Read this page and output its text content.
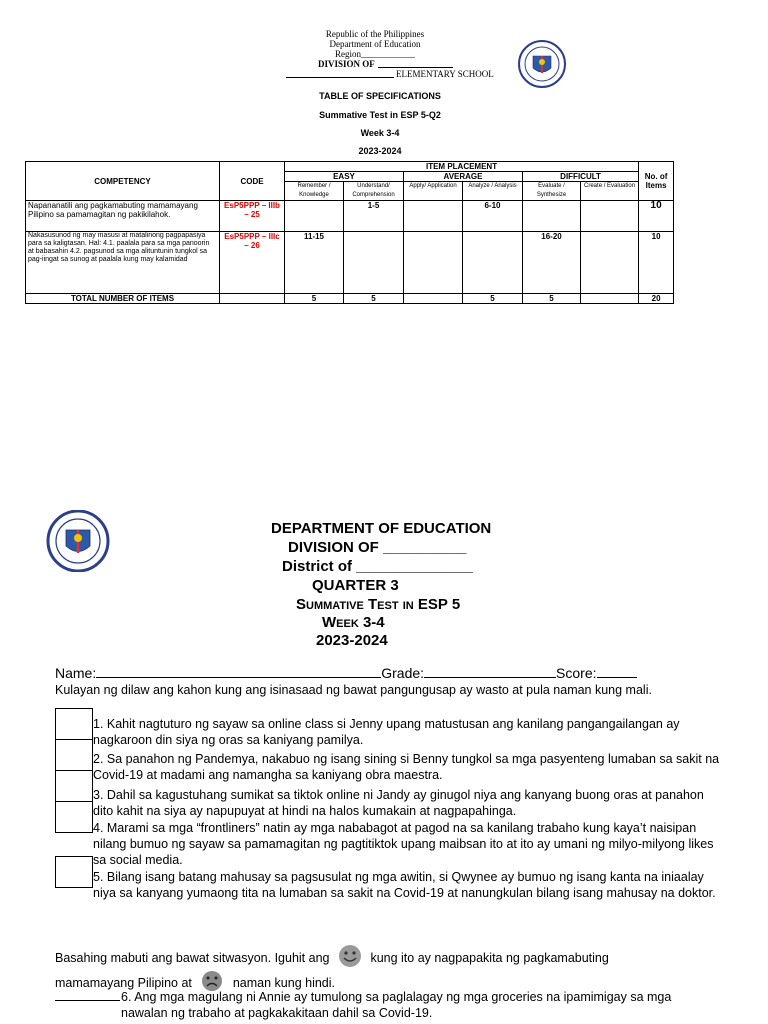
Republic of the Philippines
Department of Education
Region____________
DIVISION OF
ELEMENTARY SCHOOL
TABLE OF SPECIFICATIONS
Summative Test in ESP 5-Q2
Week 3-4
2023-2024
COMPETENCY	CODE	ITEM PLACEMENT						No. of Items
		EASY		AVERAGE		DIFFICULT		
		Remember / Knowledge	Understand/ Comprehension	Apply/ Application	Analyze / Analysis	Evaluate / Synthesize	Create / Evaluation	
Napananatili ang pagkamabuting mamamayang Pilipino sa pamamagitan ng pakikilahok.	EsP5PPP – IIIb – 25		1-5		6-10			10
Nakasusunod ng may masusi at matalinong pagpapasiya para sa kaligtasan. Hal: 4.1. paalala para sa mga panoorin at babasahin 4.2. pagsunod sa mga alituntunin tungkol sa pag-iingat sa sunog at paalala kung may kalamidad	EsP5PPP – IIIc – 26	11-15				16-20		10
TOTAL NUMBER OF ITEMS		5	5		5	5		20
DEPARTMENT OF EDUCATION
DIVISION OF __________
District of ______________
QUARTER 3
Summative Test in ESP 5
Week 3-4
2023-2024
Name:	Grade:	Score:
Kulayan ng dilaw ang kahon kung ang isinasaad ng bawat pangungusap ay wasto at pula naman kung mali.
1. Kahit nagtuturo ng sayaw sa online class si Jenny upang matustusan ang kanilang pangangailangan ay nagkaroon din siya ng oras sa kaniyang pamilya.
2. Sa panahon ng Pandemya, nakabuo ng isang sining si Benny tungkol sa mga pasyenteng lumaban sa sakit na Covid-19 at madami ang namangha sa kaniyang obra maestra.
3. Dahil sa kagustuhang sumikat sa tiktok online ni Jandy ay ginugol niya ang kanyang buong oras at panahon dito kahit na siya ay napupuyat at hindi na halos kumakain at nagpapahinga.
4. Marami sa mga “frontliners” natin ay mga nababagot at pagod na sa kanilang trabaho kung kaya’t naisipan nilang bumuo ng sayaw sa pamamagitan ng pagtitiktok upang maibsan ito at ito ay umani ng milyo-milyong likes sa social media.
5. Bilang isang batang mahusay sa pagsusulat ng mga awitin, si Qwynee ay bumuo ng isang kanta na iniaalay niya sa kanyang yumaong tita na lumaban sa sakit na Covid-19 at nanungkulan bilang isang mahusay na doktor.
Basahing mabuti ang bawat sitwasyon. Iguhit ang	kung ito ay nagpapakita ng pagkamabuting
mamamayang Pilipino at	naman kung hindi.
6. Ang mga magulang ni Annie ay tumulong sa paglalagay ng mga groceries na ipamimigay sa mga nawalan ng trabaho at pagkakakitaan dahil sa Covid-19.
